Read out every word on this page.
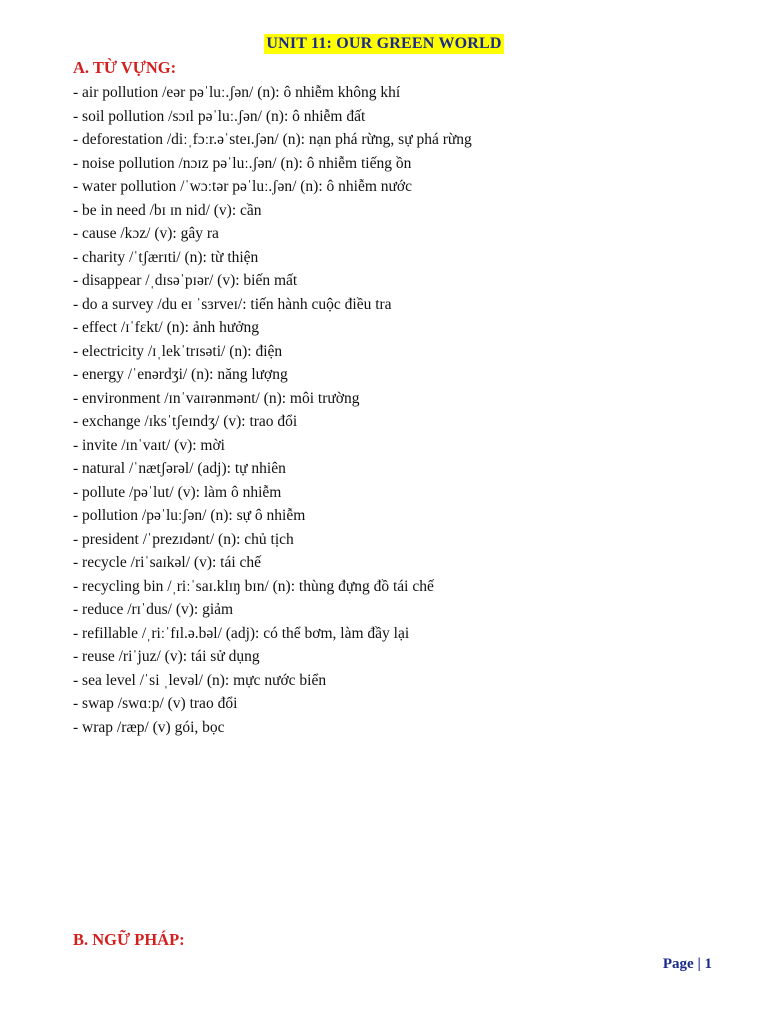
UNIT 11: OUR GREEN WORLD
A. TỪ VỰNG:
- air pollution /eər pəˈluː.ʃən/ (n): ô nhiễm không khí
- soil pollution /sɔɪl pəˈluː.ʃən/ (n): ô nhiễm đất
- deforestation /diːˌfɔːr.əˈsteɪ.ʃən/ (n): nạn phá rừng, sự phá rừng
- noise pollution /nɔɪz pəˈluː.ʃən/ (n): ô nhiễm tiếng ồn
- water pollution /ˈwɔːtər pəˈluː.ʃən/ (n): ô nhiễm nước
- be in need /bɪ ɪn nid/ (v): cần
- cause /kɔz/ (v): gây ra
- charity /ˈtʃærɪti/ (n): từ thiện
- disappear /ˌdɪsəˈpɪər/ (v): biến mất
- do a survey /du eɪ ˈsɜrveɪ/: tiến hành cuộc điều tra
- effect /ɪˈfɛkt/ (n): ảnh hưởng
- electricity /ɪˌlekˈtrɪsəti/ (n): điện
- energy /ˈenərdʒi/ (n): năng lượng
- environment /ɪnˈvaɪrənmənt/ (n): môi trường
- exchange /ɪksˈtʃeɪndʒ/ (v): trao đổi
- invite /ɪnˈvaɪt/ (v): mời
- natural /ˈnætʃərəl/ (adj): tự nhiên
- pollute /pəˈlut/ (v): làm ô nhiễm
- pollution /pəˈluːʃən/ (n): sự ô nhiễm
- president /ˈprezɪdənt/ (n): chủ tịch
- recycle /riˈsaɪkəl/ (v): tái chế
- recycling bin /ˌriːˈsaɪ.klɪŋ bɪn/ (n): thùng đựng đồ tái chế
- reduce /rɪˈdus/ (v): giảm
- refillable /ˌriːˈfɪl.ə.bəl/ (adj): có thể bơm, làm đầy lại
- reuse /riˈjuz/ (v): tái sử dụng
- sea level /ˈsi ˌlevəl/ (n): mực nước biển
- swap /swɑːp/ (v) trao đổi
- wrap /ræp/ (v) gói, bọc
B. NGỮ PHÁP:
Page | 1
